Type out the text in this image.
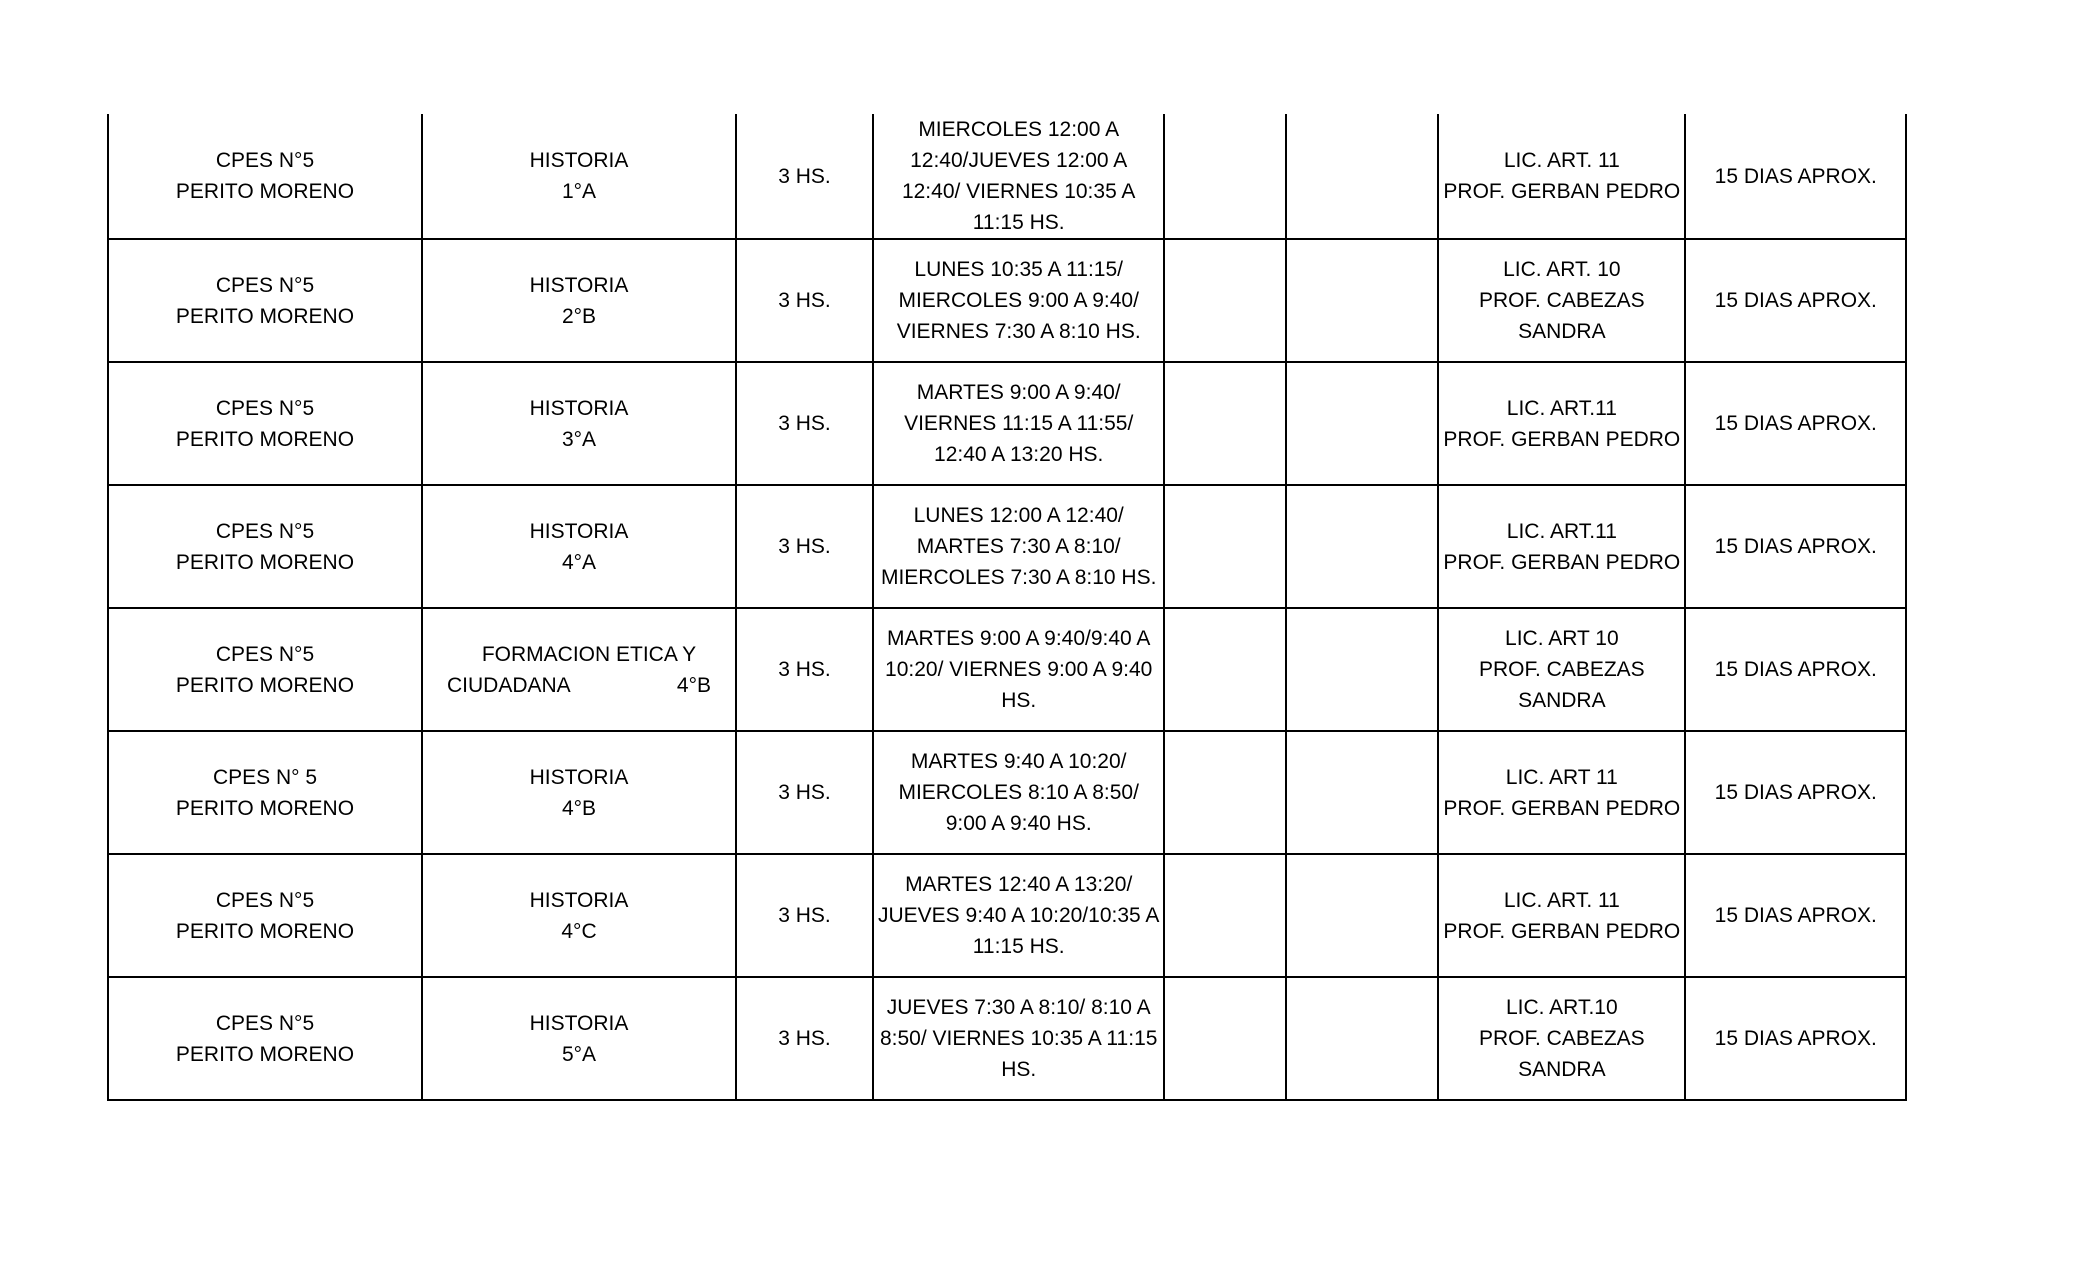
CPES N°5
PERITO MORENO	HISTORIA
1°A	3 HS.	MIERCOLES 12:00 A
12:40/JUEVES 12:00 A
12:40/ VIERNES 10:35 A
11:15 HS.			LIC. ART. 11
PROF. GERBAN PEDRO	15 DIAS APROX.

CPES N°5
PERITO MORENO	HISTORIA
2°B	3 HS.	LUNES 10:35 A 11:15/
MIERCOLES 9:00 A 9:40/
VIERNES 7:30 A 8:10 HS.			LIC. ART. 10
PROF. CABEZAS
SANDRA	15 DIAS APROX.

CPES N°5
PERITO MORENO	HISTORIA
3°A	3 HS.	MARTES 9:00 A 9:40/
VIERNES 11:15 A 11:55/
12:40 A 13:20 HS.			LIC. ART.11
PROF. GERBAN PEDRO	15 DIAS APROX.

CPES N°5
PERITO MORENO	HISTORIA
4°A	3 HS.	LUNES 12:00 A 12:40/
MARTES 7:30 A 8:10/
MIERCOLES 7:30 A 8:10 HS.			LIC. ART.11
PROF. GERBAN PEDRO	15 DIAS APROX.

CPES N°5
PERITO MORENO	FORMACION ETICA Y
CIUDADANA 4°B	3 HS.	MARTES 9:00 A 9:40/9:40 A
10:20/ VIERNES 9:00 A 9:40
HS.			LIC. ART 10
PROF. CABEZAS
SANDRA	15 DIAS APROX.

CPES N° 5
PERITO MORENO	HISTORIA
4°B	3 HS.	MARTES 9:40 A 10:20/
MIERCOLES 8:10 A 8:50/
9:00 A 9:40 HS.			LIC. ART 11
PROF. GERBAN PEDRO	15 DIAS APROX.

CPES N°5
PERITO MORENO	HISTORIA
4°C	3 HS.	MARTES 12:40 A 13:20/
JUEVES 9:40 A 10:20/10:35 A
11:15 HS.			LIC. ART. 11
PROF. GERBAN PEDRO	15 DIAS APROX.

CPES N°5
PERITO MORENO	HISTORIA
5°A	3 HS.	JUEVES 7:30 A 8:10/ 8:10 A
8:50/ VIERNES 10:35 A 11:15
HS.			LIC. ART.10
PROF. CABEZAS
SANDRA	15 DIAS APROX.
